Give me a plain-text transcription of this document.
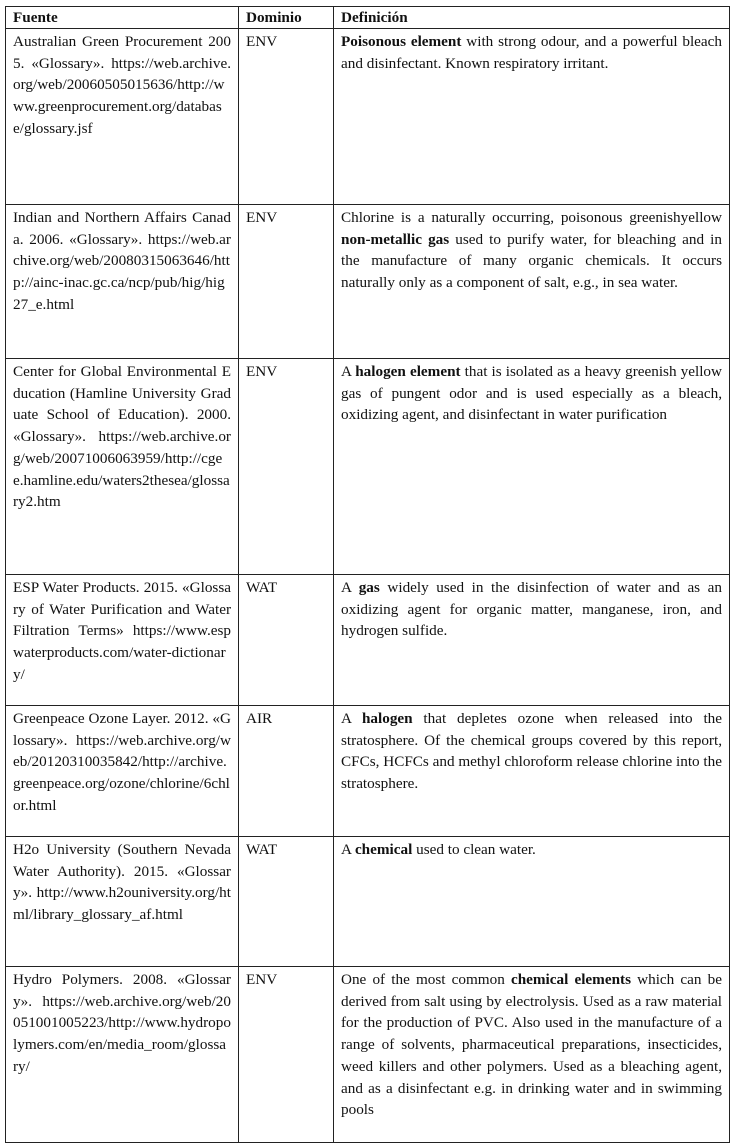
Fuente	Dominio	Definición
Australian Green Procurement 2005. «Glossary». https://web.archive.org/web/20060505015636/http://www.greenprocurement.org/database/glossary.jsf	ENV	Poisonous element with strong odour, and a powerful bleach and disinfectant. Known respiratory irritant.
Indian and Northern Affairs Canada. 2006. «Glossary». https://web.archive.org/web/20080315063646/http://ainc-inac.gc.ca/ncp/pub/hig/hig27_e.html	ENV	Chlorine is a naturally occurring, poisonous greenishyellow non-metallic gas used to purify water, for bleaching and in the manufacture of many organic chemicals. It occurs naturally only as a component of salt, e.g., in sea water.
Center for Global Environmental Education (Hamline University Graduate School of Education). 2000. «Glossary». https://web.archive.org/web/20071006063959/http://cgee.hamline.edu/waters2thesea/glossary2.htm	ENV	A halogen element that is isolated as a heavy greenish yellow gas of pungent odor and is used especially as a bleach, oxidizing agent, and disinfectant in water purification
ESP Water Products. 2015. «Glossary of Water Purification and Water Filtration Terms» https://www.espwaterproducts.com/water-dictionary/	WAT	A gas widely used in the disinfection of water and as an oxidizing agent for organic matter, manganese, iron, and hydrogen sulfide.
Greenpeace Ozone Layer. 2012. «Glossary». https://web.archive.org/web/20120310035842/http://archive.greenpeace.org/ozone/chlorine/6chlor.html	AIR	A halogen that depletes ozone when released into the stratosphere. Of the chemical groups covered by this report, CFCs, HCFCs and methyl chloroform release chlorine into the stratosphere.
H2o University (Southern Nevada Water Authority). 2015. «Glossary». http://www.h2ouniversity.org/html/library_glossary_af.html	WAT	A chemical used to clean water.
Hydro Polymers. 2008. «Glossary». https://web.archive.org/web/20051001005223/http://www.hydropolymers.com/en/media_room/glossary/	ENV	One of the most common chemical elements which can be derived from salt using by electrolysis. Used as a raw material for the production of PVC. Also used in the manufacture of a range of solvents, pharmaceutical preparations, insecticides, weed killers and other polymers. Used as a bleaching agent, and as a disinfectant e.g. in drinking water and in swimming pools
